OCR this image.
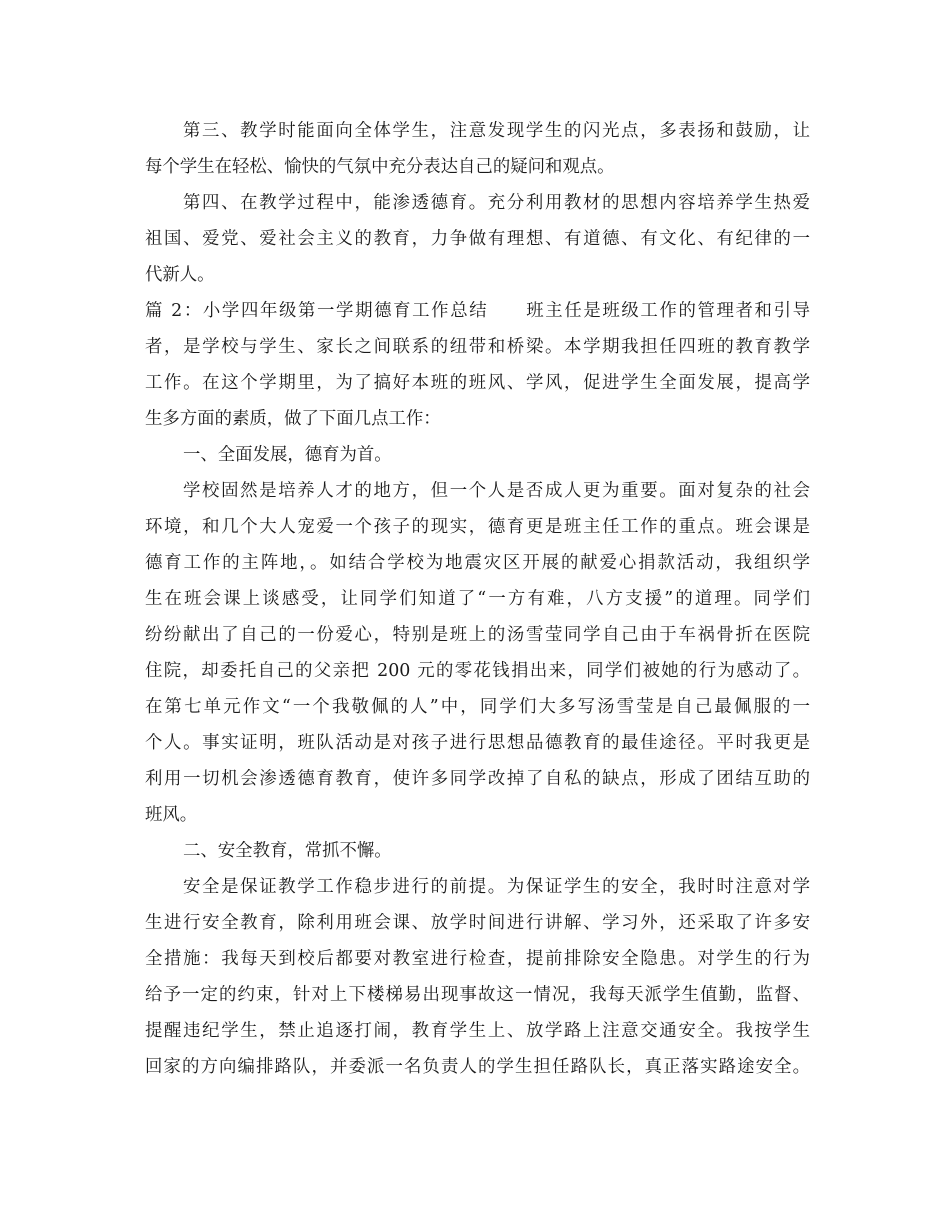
第三、教学时能面向全体学生，注意发现学生的闪光点，多表扬和鼓励，让
每个学生在轻松、愉快的气氛中充分表达自己的疑问和观点。
第四、在教学过程中，能渗透德育。充分利用教材的思想内容培养学生热爱
祖国、爱党、爱社会主义的教育，力争做有理想、有道德、有文化、有纪律的一
代新人。
篇 2：小学四年级第一学期德育工作总结　　班主任是班级工作的管理者和引导
者，是学校与学生、家长之间联系的纽带和桥梁。本学期我担任四班的教育教学
工作。在这个学期里，为了搞好本班的班风、学风，促进学生全面发展，提高学
生多方面的素质，做了下面几点工作：
一、全面发展，德育为首。
学校固然是培养人才的地方，但一个人是否成人更为重要。面对复杂的社会
环境，和几个大人宠爱一个孩子的现实，德育更是班主任工作的重点。班会课是
德育工作的主阵地，。如结合学校为地震灾区开展的献爱心捐款活动，我组织学
生在班会课上谈感受，让同学们知道了“一方有难，八方支援”的道理。同学们
纷纷献出了自己的一份爱心，特别是班上的汤雪莹同学自己由于车祸骨折在医院
住院，却委托自己的父亲把 200 元的零花钱捐出来，同学们被她的行为感动了。
在第七单元作文“一个我敬佩的人”中，同学们大多写汤雪莹是自己最佩服的一
个人。事实证明，班队活动是对孩子进行思想品德教育的最佳途径。平时我更是
利用一切机会渗透德育教育，使许多同学改掉了自私的缺点，形成了团结互助的
班风。
二、安全教育，常抓不懈。
安全是保证教学工作稳步进行的前提。为保证学生的安全，我时时注意对学
生进行安全教育，除利用班会课、放学时间进行讲解、学习外，还采取了许多安
全措施：我每天到校后都要对教室进行检查，提前排除安全隐患。对学生的行为
给予一定的约束，针对上下楼梯易出现事故这一情况，我每天派学生值勤，监督、
提醒违纪学生，禁止追逐打闹，教育学生上、放学路上注意交通安全。我按学生
回家的方向编排路队，并委派一名负责人的学生担任路队长，真正落实路途安全。
